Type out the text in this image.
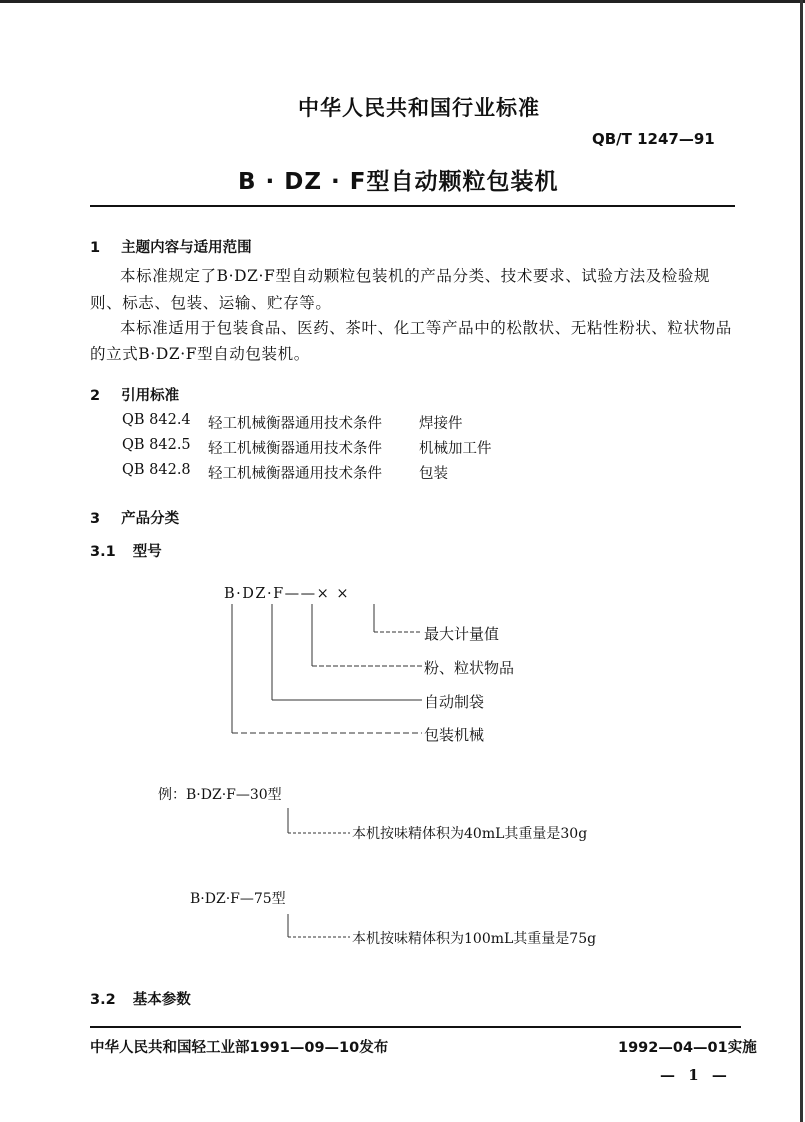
中华人民共和国行业标准
QB/T 1247—91
B · DZ · F型自动颗粒包装机
1 主题内容与适用范围
本标准规定了B·DZ·F型自动颗粒包装机的产品分类、技术要求、试验方法及检验规
则、标志、包装、运输、贮存等。
本标准适用于包装食品、医药、茶叶、化工等产品中的松散状、无粘性粉状、粒状物品
的立式B·DZ·F型自动包装机。
2 引用标准
QB 842.4 轻工机械衡器通用技术条件	焊接件
QB 842.5 轻工机械衡器通用技术条件	机械加工件
QB 842.8 轻工机械衡器通用技术条件	包装
3 产品分类
3.1 型号
B·DZ·F——× ×
最大计量值
粉、粒状物品
自动制袋
包装机械
例：B·DZ·F—30型
本机按味精体积为40mL其重量是30g
B·DZ·F—75型
本机按味精体积为100mL其重量是75g
3.2 基本参数
中华人民共和国轻工业部1991—09—10发布	1992—04—01实施
— 1 —
